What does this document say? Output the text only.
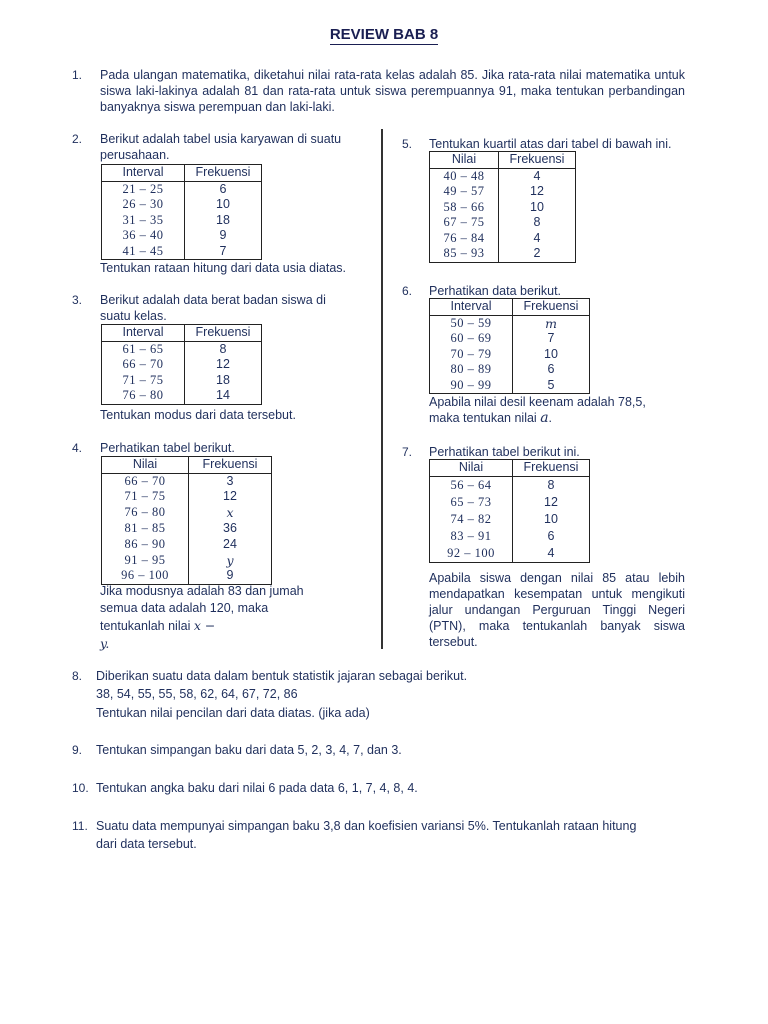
REVIEW BAB 8
1. Pada ulangan matematika, diketahui nilai rata-rata kelas adalah 85. Jika rata-rata nilai matematika untuk siswa laki-lakinya adalah 81 dan rata-rata untuk siswa perempuannya 91, maka tentukan perbandingan banyaknya siswa perempuan dan laki-laki.
2. Berikut adalah tabel usia karyawan di suatu perusahaan.
Interval	Frekuensi
21 – 25	6
26 – 30	10
31 – 35	18
36 – 40	9
41 – 45	7
Tentukan rataan hitung dari data usia diatas.
3. Berikut adalah data berat badan siswa di suatu kelas.
Interval	Frekuensi
61 – 65	8
66 – 70	12
71 – 75	18
76 – 80	14
Tentukan modus dari data tersebut.
4. Perhatikan tabel berikut.
Nilai	Frekuensi
66 – 70	3
71 – 75	12
76 – 80	x
81 – 85	36
86 – 90	24
91 – 95	y
96 – 100	9
Jika modusnya adalah 83 dan jumah semua data adalah 120, maka tentukanlah nilai x −
y.
5. Tentukan kuartil atas dari tabel di bawah ini.
Nilai	Frekuensi
40 – 48	4
49 – 57	12
58 – 66	10
67 – 75	8
76 – 84	4
85 – 93	2
6. Perhatikan data berikut.
Interval	Frekuensi
50 – 59	m
60 – 69	7
70 – 79	10
80 – 89	6
90 – 99	5
Apabila nilai desil keenam adalah 78,5,
maka tentukan nilai a.
7. Perhatikan tabel berikut ini.
Nilai	Frekuensi
56 – 64	8
65 – 73	12
74 – 82	10
83 – 91	6
92 – 100	4
Apabila siswa dengan nilai 85 atau lebih mendapatkan kesempatan untuk mengikuti jalur undangan Perguruan Tinggi Negeri (PTN), maka tentukanlah banyak siswa tersebut.
8. Diberikan suatu data dalam bentuk statistik jajaran sebagai berikut.
38, 54, 55, 55, 58, 62, 64, 67, 72, 86
Tentukan nilai pencilan dari data diatas. (jika ada)
9. Tentukan simpangan baku dari data 5, 2, 3, 4, 7, dan 3.
10. Tentukan angka baku dari nilai 6 pada data 6, 1, 7, 4, 8, 4.
11. Suatu data mempunyai simpangan baku 3,8 dan koefisien variansi 5%. Tentukanlah rataan hitung
dari data tersebut.
